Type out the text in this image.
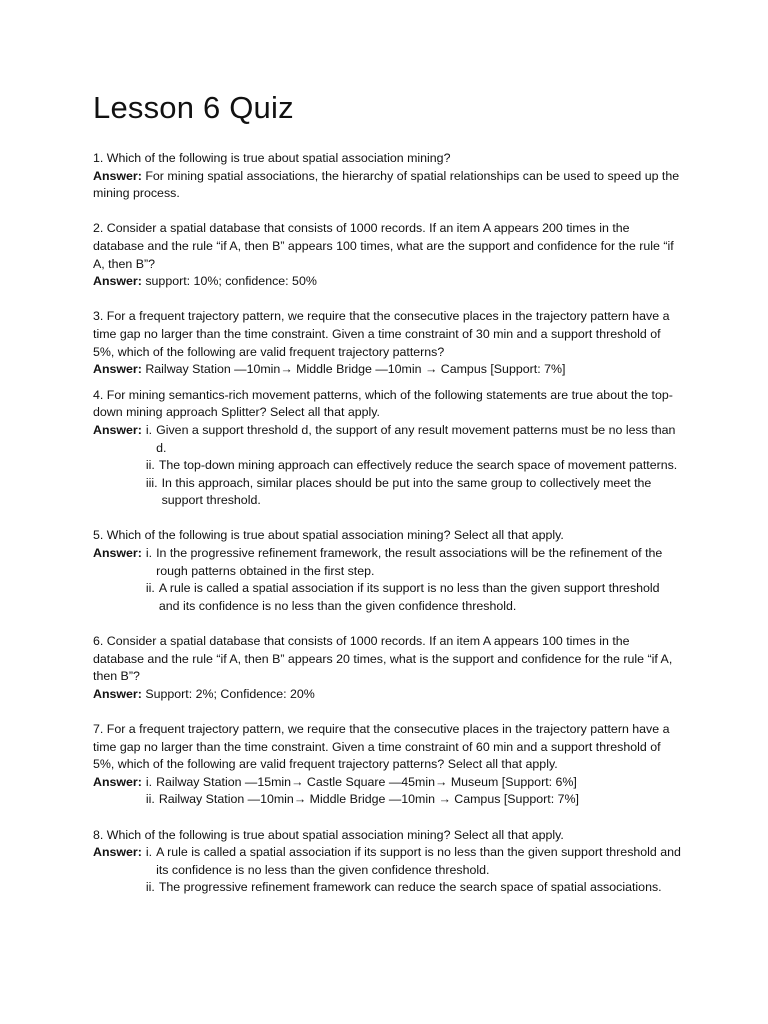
Lesson 6 Quiz

1. Which of the following is true about spatial association mining?

Answer: For mining spatial associations, the hierarchy of spatial relationships can be used to speed up the mining process.

2. Consider a spatial database that consists of 1000 records. If an item A appears 200 times in the database and the rule “if A, then B” appears 100 times, what are the support and confidence for the rule “if A, then B”?

Answer: support: 10%; confidence: 50%

3. For a frequent trajectory pattern, we require that the consecutive places in the trajectory pattern have a time gap no larger than the time constraint. Given a time constraint of 30 min and a support threshold of 5%, which of the following are valid frequent trajectory patterns?

Answer: Railway Station —10min→ Middle Bridge —10min → Campus [Support: 7%]

4. For mining semantics-rich movement patterns, which of the following statements are true about the top-down mining approach Splitter? Select all that apply.

Answer: i. Given a support threshold d, the support of any result movement patterns must be no less than d.
ii. The top-down mining approach can effectively reduce the search space of movement patterns.
iii. In this approach, similar places should be put into the same group to collectively meet the support threshold.

5. Which of the following is true about spatial association mining? Select all that apply.

Answer: i. In the progressive refinement framework, the result associations will be the refinement of the rough patterns obtained in the first step.
ii. A rule is called a spatial association if its support is no less than the given support threshold and its confidence is no less than the given confidence threshold.

6. Consider a spatial database that consists of 1000 records. If an item A appears 100 times in the database and the rule “if A, then B” appears 20 times, what is the support and confidence for the rule “if A, then B”?

Answer: Support: 2%; Confidence: 20%

7. For a frequent trajectory pattern, we require that the consecutive places in the trajectory pattern have a time gap no larger than the time constraint. Given a time constraint of 60 min and a support threshold of 5%, which of the following are valid frequent trajectory patterns? Select all that apply.

Answer: i. Railway Station —15min→ Castle Square —45min→ Museum [Support: 6%]
ii. Railway Station —10min→ Middle Bridge —10min → Campus [Support: 7%]

8. Which of the following is true about spatial association mining? Select all that apply.

Answer: i. A rule is called a spatial association if its support is no less than the given support threshold and its confidence is no less than the given confidence threshold.
ii. The progressive refinement framework can reduce the search space of spatial associations.
